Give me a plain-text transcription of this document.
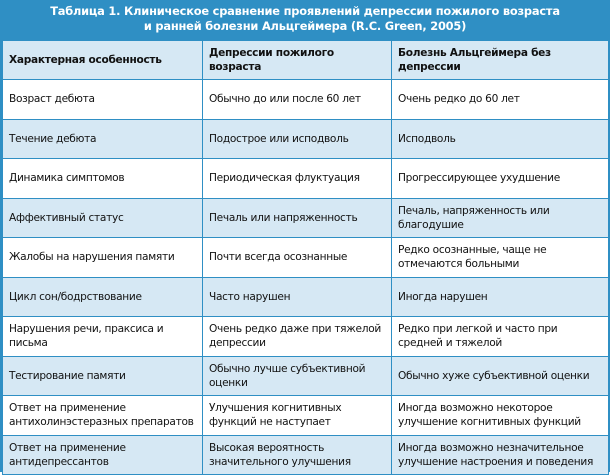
Таблица 1. Клиническое сравнение проявлений депрессии пожилого возраста
и ранней болезни Альцгеймера (R.C. Green, 2005)
Характерная особенность	Депрессии пожилого возраста	Болезнь Альцгеймера без депрессии
Возраст дебюта	Обычно до или после 60 лет	Очень редко до 60 лет
Течение дебюта	Подострое или исподволь	Исподволь
Динамика симптомов	Периодическая флуктуация	Прогрессирующее ухудшение
Аффективный статус	Печаль или напряженность	Печаль, напряженность или благодушие
Жалобы на нарушения памяти	Почти всегда осознанные	Редко осознанные, чаще не отмечаются больными
Цикл сон/бодрствование	Часто нарушен	Иногда нарушен
Нарушения речи, праксиса и письма	Очень редко даже при тяжелой депрессии	Редко при легкой и часто при средней и тяжелой
Тестирование памяти	Обычно лучше субъективной оценки	Обычно хуже субъективной оценки
Ответ на применение антихолинэстеразных препаратов	Улучшения когнитивных функций не наступает	Иногда возможно некоторое улучшение когнитивных функций
Ответ на применение антидепрессантов	Высокая вероятность значительного улучшения	Иногда возможно незначительное улучшение настроения и поведения
